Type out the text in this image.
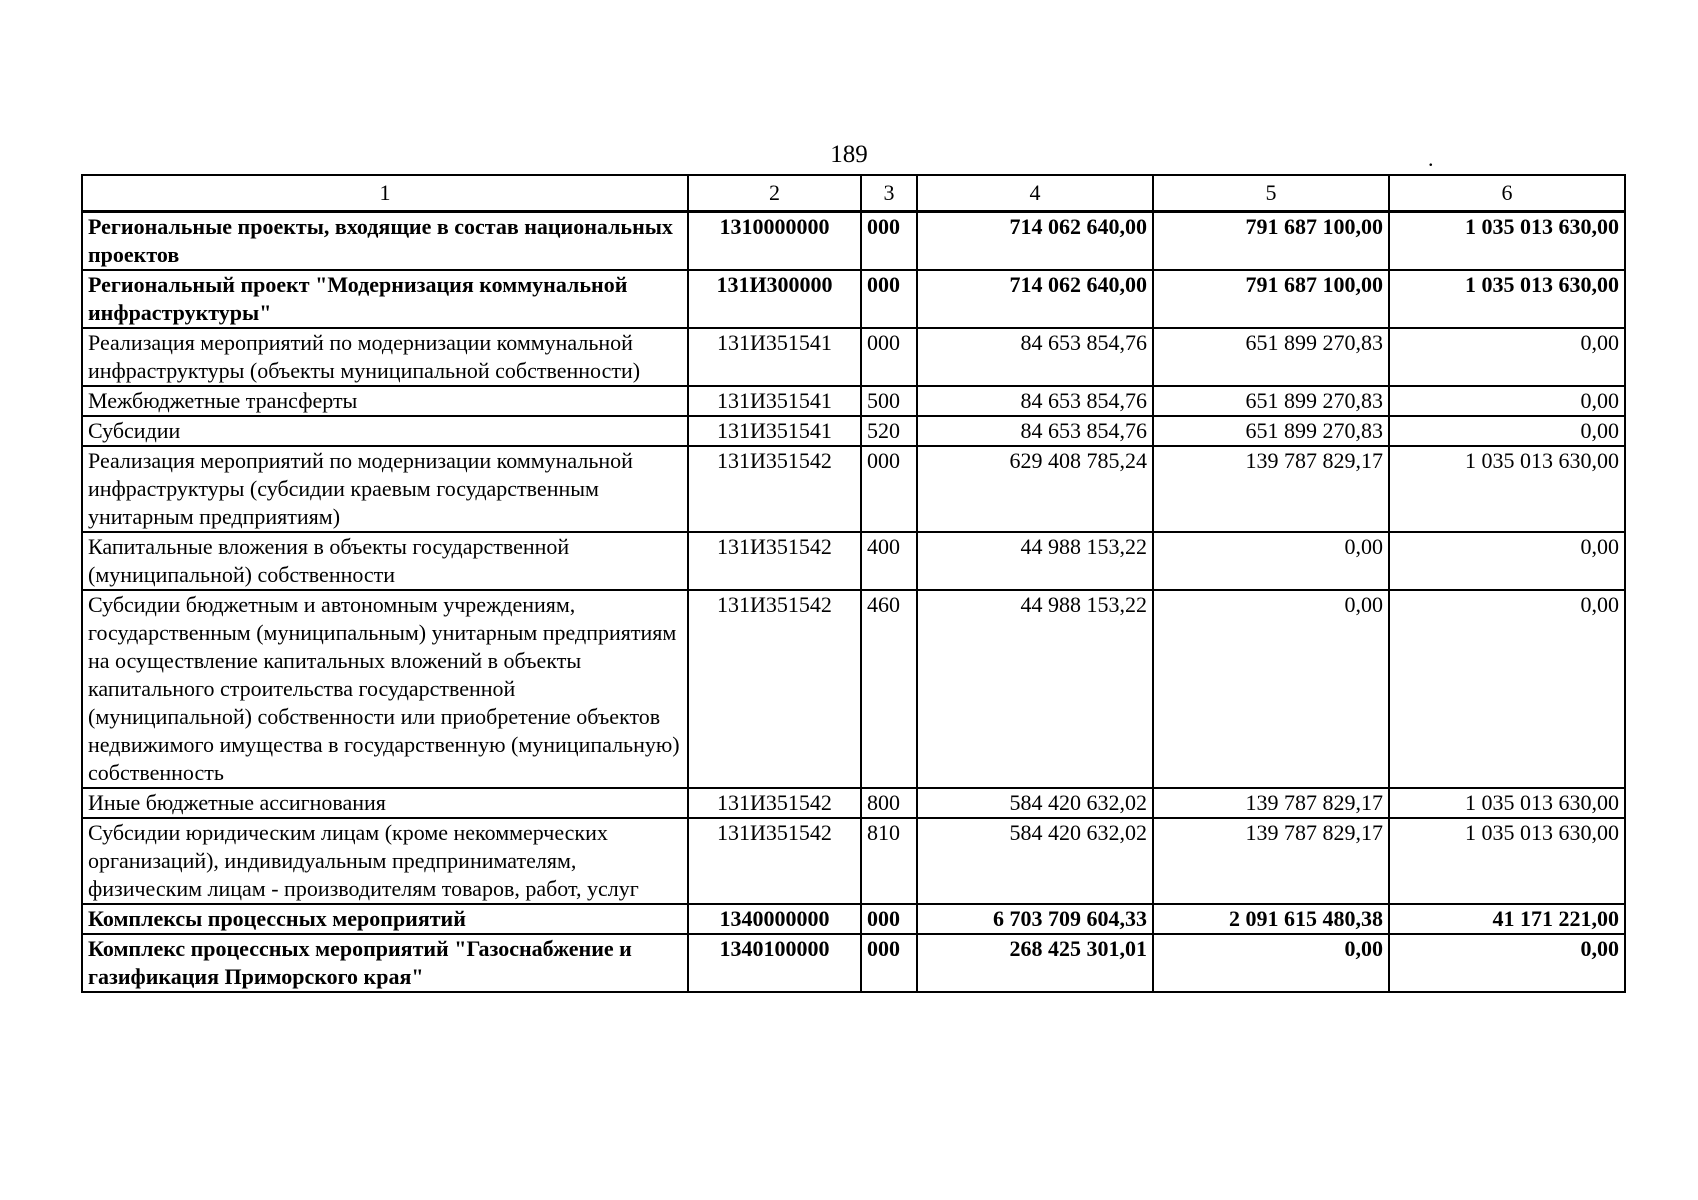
189	.
1	2	3	4	5	6
Региональные проекты, входящие в состав национальных проектов	1310000000	000	714 062 640,00	791 687 100,00	1 035 013 630,00
Региональный проект "Модернизация коммунальной инфраструктуры"	131И300000	000	714 062 640,00	791 687 100,00	1 035 013 630,00
Реализация мероприятий по модернизации коммунальной инфраструктуры (объекты муниципальной собственности)	131И351541	000	84 653 854,76	651 899 270,83	0,00
Межбюджетные трансферты	131И351541	500	84 653 854,76	651 899 270,83	0,00
Субсидии	131И351541	520	84 653 854,76	651 899 270,83	0,00
Реализация мероприятий по модернизации коммунальной инфраструктуры (субсидии краевым государственным унитарным предприятиям)	131И351542	000	629 408 785,24	139 787 829,17	1 035 013 630,00
Капитальные вложения в объекты государственной (муниципальной) собственности	131И351542	400	44 988 153,22	0,00	0,00
Субсидии бюджетным и автономным учреждениям, государственным (муниципальным) унитарным предприятиям на осуществление капитальных вложений в объекты капитального строительства государственной (муниципальной) собственности или приобретение объектов недвижимого имущества в государственную (муниципальную) собственность	131И351542	460	44 988 153,22	0,00	0,00
Иные бюджетные ассигнования	131И351542	800	584 420 632,02	139 787 829,17	1 035 013 630,00
Субсидии юридическим лицам (кроме некоммерческих организаций), индивидуальным предпринимателям, физическим лицам - производителям товаров, работ, услуг	131И351542	810	584 420 632,02	139 787 829,17	1 035 013 630,00
Комплексы процессных мероприятий	1340000000	000	6 703 709 604,33	2 091 615 480,38	41 171 221,00
Комплекс процессных мероприятий "Газоснабжение и газификация Приморского края"	1340100000	000	268 425 301,01	0,00	0,00
